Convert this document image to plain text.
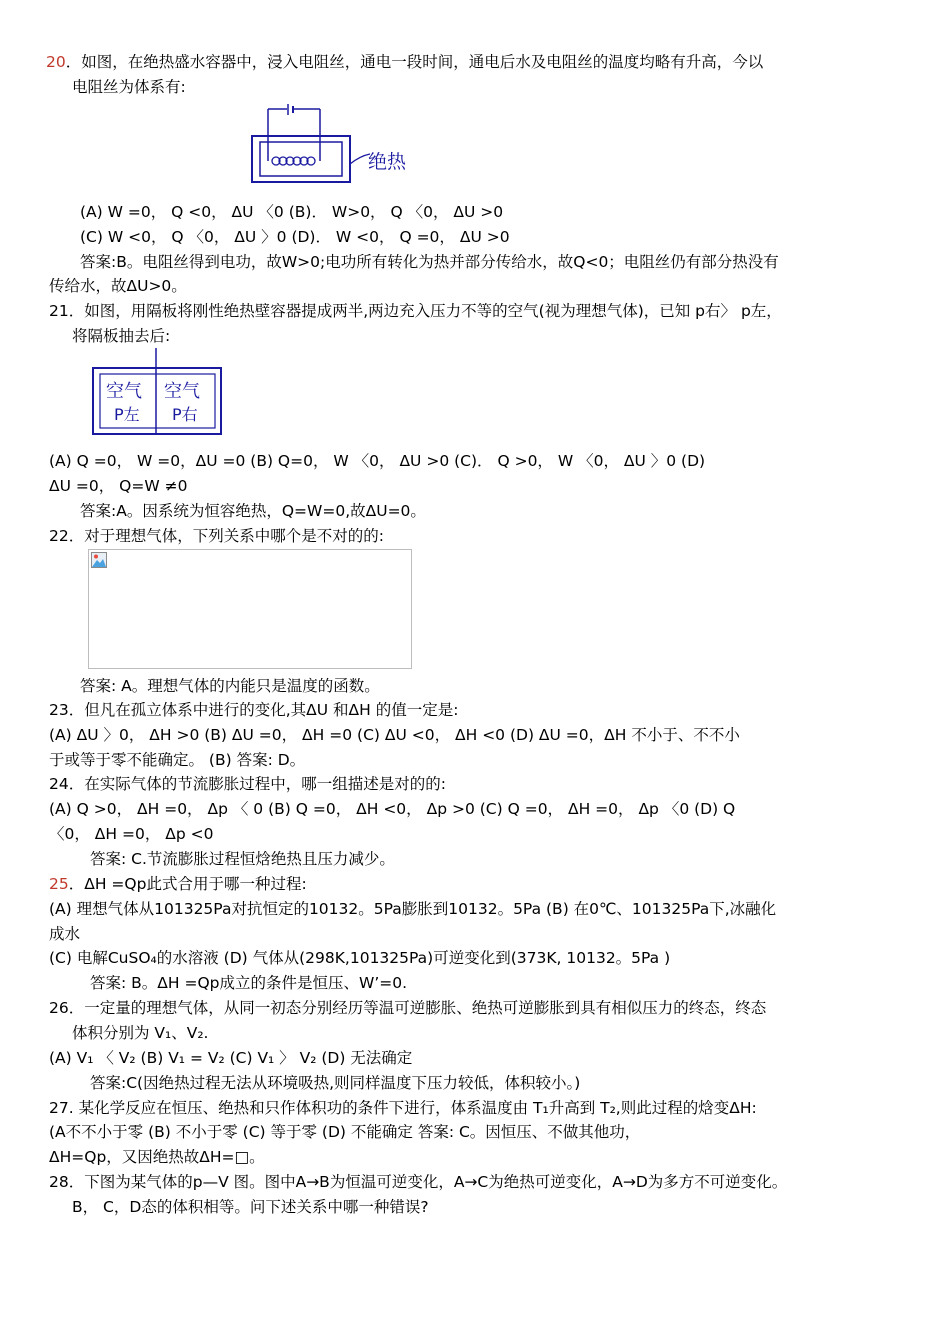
20．如图，在绝热盛水容器中，浸入电阻丝，通电一段时间，通电后水及电阻丝的温度均略有升高，今以
电阻丝为体系有:
绝热
(A) W =0， Q <0， ΔU 〈0 (B)． W>0， Q 〈0， ΔU >0
(C) W <0， Q 〈0， ΔU 〉0 (D)． W <0， Q =0， ΔU >0
答案:B。电阻丝得到电功，故W>0;电功所有转化为热并部分传给水，故Q<0；电阻丝仍有部分热没有
传给水，故ΔU>0。
21．如图，用隔板将刚性绝热壁容器提成两半,两边充入压力不等的空气(视为理想气体)，已知 p右〉 p左，
将隔板抽去后:
空气
P左
空气
P右
(A) Q =0， W =0，ΔU =0 (B) Q=0， W 〈0， ΔU >0 (C)． Q >0， W 〈0， ΔU 〉0 (D)
ΔU =0， Q=W ≠0
答案:A。因系统为恒容绝热，Q=W=0,故ΔU=0。
22．对于理想气体，下列关系中哪个是不对的的:
答案: A。理想气体的内能只是温度的函数。
23．但凡在孤立体系中进行的变化,其ΔU 和ΔH 的值一定是:
(A) ΔU 〉0， ΔH >0 (B) ΔU =0， ΔH =0 (C) ΔU <0， ΔH <0 (D) ΔU =0，ΔH 不小于、不不小
于或等于零不能确定。 (B) 答案: D。
24．在实际气体的节流膨胀过程中，哪一组描述是对的的:
(A) Q >0， ΔH =0， Δp 〈 0 (B) Q =0， ΔH <0， Δp >0 (C) Q =0， ΔH =0， Δp 〈0 (D) Q
〈0， ΔH =0， Δp <0
答案: C.节流膨胀过程恒焓绝热且压力减少。
25．ΔH =Qp此式合用于哪一种过程:
(A) 理想气体从101325Pa对抗恒定的10132。5Pa膨胀到10132。5Pa (B) 在0℃、101325Pa下,冰融化
成水
(C) 电解CuSO₄的水溶液 (D) 气体从(298K,101325Pa)可逆变化到(373K, 10132。5Pa )
答案: B。ΔH =Qp成立的条件是恒压、W’=0.
26．一定量的理想气体，从同一初态分别经历等温可逆膨胀、绝热可逆膨胀到具有相似压力的终态，终态
体积分别为 V₁、V₂.
(A) V₁ 〈 V₂ (B) V₁ = V₂ (C) V₁ 〉 V₂ (D) 无法确定
答案:C(因绝热过程无法从环境吸热,则同样温度下压力较低，体积较小。)
27. 某化学反应在恒压、绝热和只作体积功的条件下进行，体系温度由 T₁升高到 T₂,则此过程的焓变ΔH:
(A不不小于零 (B) 不小于零 (C) 等于零 (D) 不能确定 答案: C。因恒压、不做其他功，
ΔH=Qp，又因绝热故ΔH=□。
28．下图为某气体的p—V 图。图中A→B为恒温可逆变化，A→C为绝热可逆变化，A→D为多方不可逆变化。
B， C，D态的体积相等。问下述关系中哪一种错误?
